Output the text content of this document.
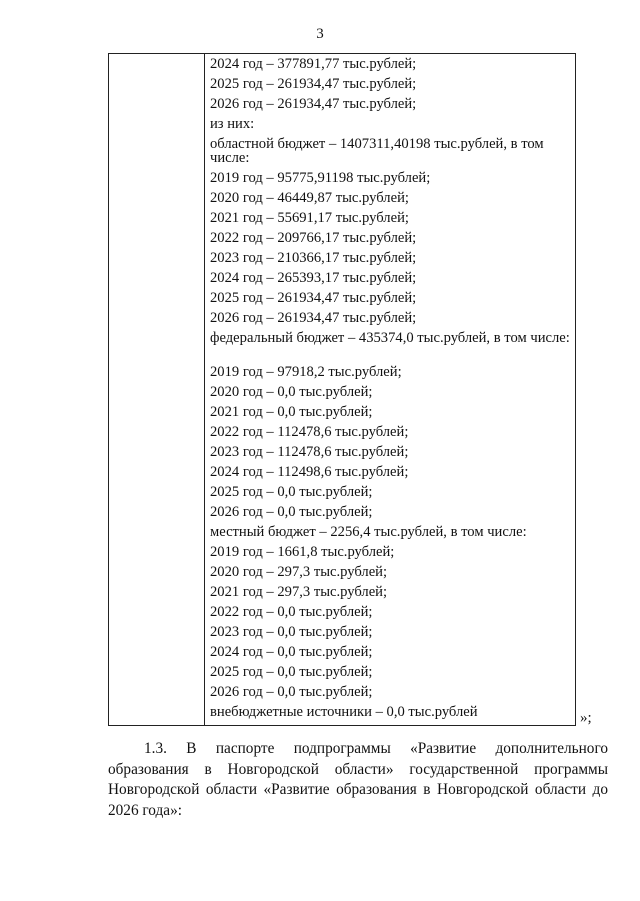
3
2024 год – 377891,77 тыс.рублей;
2025 год – 261934,47 тыс.рублей;
2026 год – 261934,47 тыс.рублей;
из них:
областной бюджет – 1407311,40198 тыс.рублей, в том числе:
2019 год – 95775,91198 тыс.рублей;
2020 год – 46449,87 тыс.рублей;
2021 год – 55691,17 тыс.рублей;
2022 год – 209766,17 тыс.рублей;
2023 год – 210366,17 тыс.рублей;
2024 год – 265393,17 тыс.рублей;
2025 год – 261934,47 тыс.рублей;
2026 год – 261934,47 тыс.рублей;
федеральный бюджет – 435374,0 тыс.рублей, в том числе:
2019 год – 97918,2 тыс.рублей;
2020 год – 0,0 тыс.рублей;
2021 год – 0,0 тыс.рублей;
2022 год – 112478,6 тыс.рублей;
2023 год – 112478,6 тыс.рублей;
2024 год – 112498,6 тыс.рублей;
2025 год – 0,0 тыс.рублей;
2026 год – 0,0 тыс.рублей;
местный бюджет – 2256,4 тыс.рублей, в том числе:
2019 год – 1661,8 тыс.рублей;
2020 год – 297,3 тыс.рублей;
2021 год – 297,3 тыс.рублей;
2022 год – 0,0 тыс.рублей;
2023 год – 0,0 тыс.рублей;
2024 год – 0,0 тыс.рублей;
2025 год – 0,0 тыс.рублей;
2026 год – 0,0 тыс.рублей;
внебюджетные источники – 0,0 тыс.рублей	»;
1.3. В паспорте подпрограммы «Развитие дополнительного образования в Новгородской области» государственной программы Новгородской области «Развитие образования в Новгородской области до 2026 года»:
